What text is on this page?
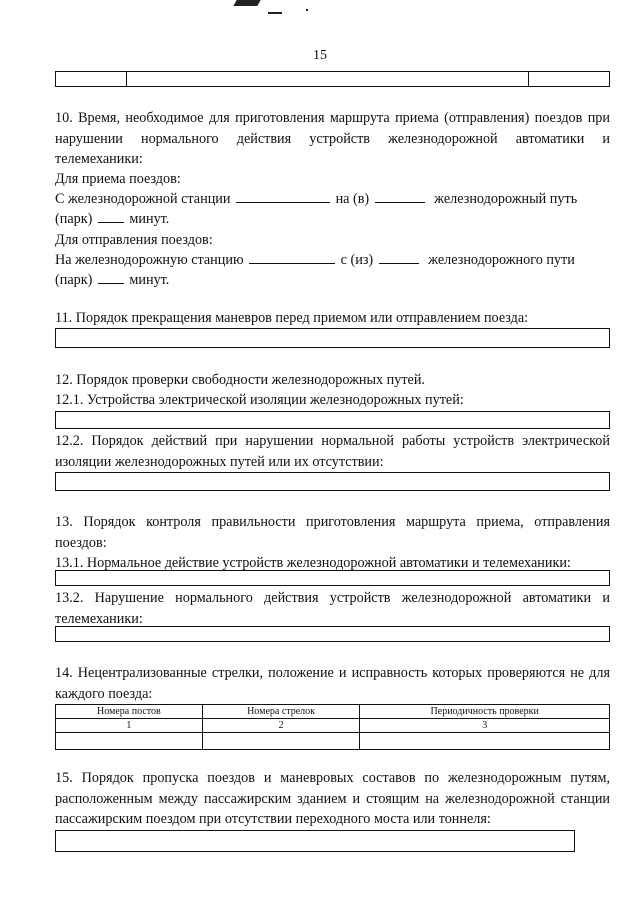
15
10. Время, необходимое для приготовления маршрута приема (отправления) поездов при нарушении нормального действия устройств железнодорожной автоматики и телемеханики:
Для приема поездов:
С железнодорожной станции	на (в)	железнодорожный путь
(парк)	минут.
Для отправления поездов:
На железнодорожную станцию	с (из)	железнодорожного пути
(парк)	минут.
11. Порядок прекращения маневров перед приемом или отправлением поезда:
12. Порядок проверки свободности железнодорожных путей.
12.1. Устройства электрической изоляции железнодорожных путей:
12.2. Порядок действий при нарушении нормальной работы устройств электрической изоляции железнодорожных путей или их отсутствии:
13. Порядок контроля правильности приготовления маршрута приема, отправления поездов:
13.1. Нормальное действие устройств железнодорожной автоматики и телемеханики:
13.2. Нарушение нормального действия устройств железнодорожной автоматики и телемеханики:
14. Нецентрализованные стрелки, положение и исправность которых проверяются не для каждого поезда:
Номера постов	Номера стрелок	Периодичность проверки
1	2	3

15. Порядок пропуска поездов и маневровых составов по железнодорожным путям, расположенным между пассажирским зданием и стоящим на железнодорожной станции пассажирским поездом при отсутствии переходного моста или тоннеля:
